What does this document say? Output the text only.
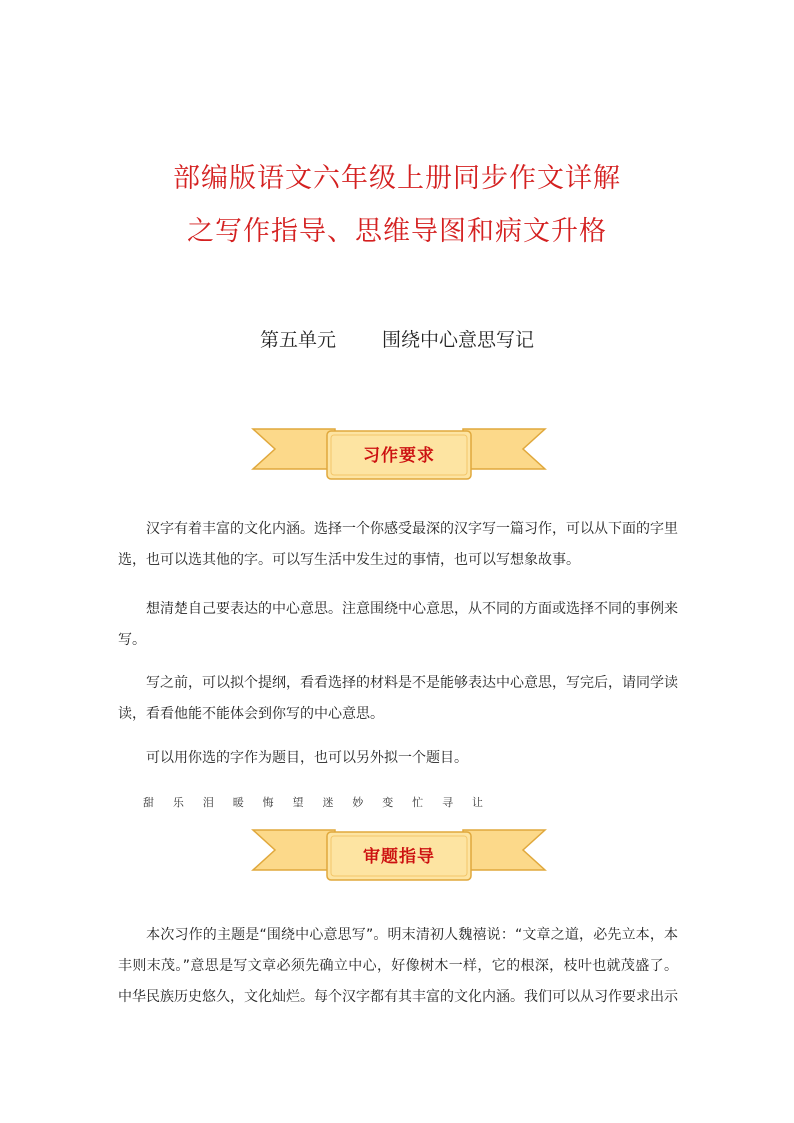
部编版语文六年级上册同步作文详解
之写作指导、思维导图和病文升格
第五单元 围绕中心意思写记
习作要求
汉字有着丰富的文化内涵。选择一个你感受最深的汉字写一篇习作，可以从下面的字里选，也可以选其他的字。可以写生活中发生过的事情，也可以写想象故事。
想清楚自己要表达的中心意思。注意围绕中心意思，从不同的方面或选择不同的事例来写。
写之前，可以拟个提纲，看看选择的材料是不是能够表达中心意思，写完后，请同学读读，看看他能不能体会到你写的中心意思。
可以用你选的字作为题目，也可以另外拟一个题目。
甜 乐 泪 暖 悔 望 迷 妙 变 忙 寻 让
审题指导
本次习作的主题是“围绕中心意思写”。明末清初人魏禧说：“文章之道，必先立本，本丰则末茂。”意思是写文章必须先确立中心，好像树木一样，它的根深，枝叶也就茂盛了。中华民族历史悠久，文化灿烂。每个汉字都有其丰富的文化内涵。我们可以从习作要求出示
